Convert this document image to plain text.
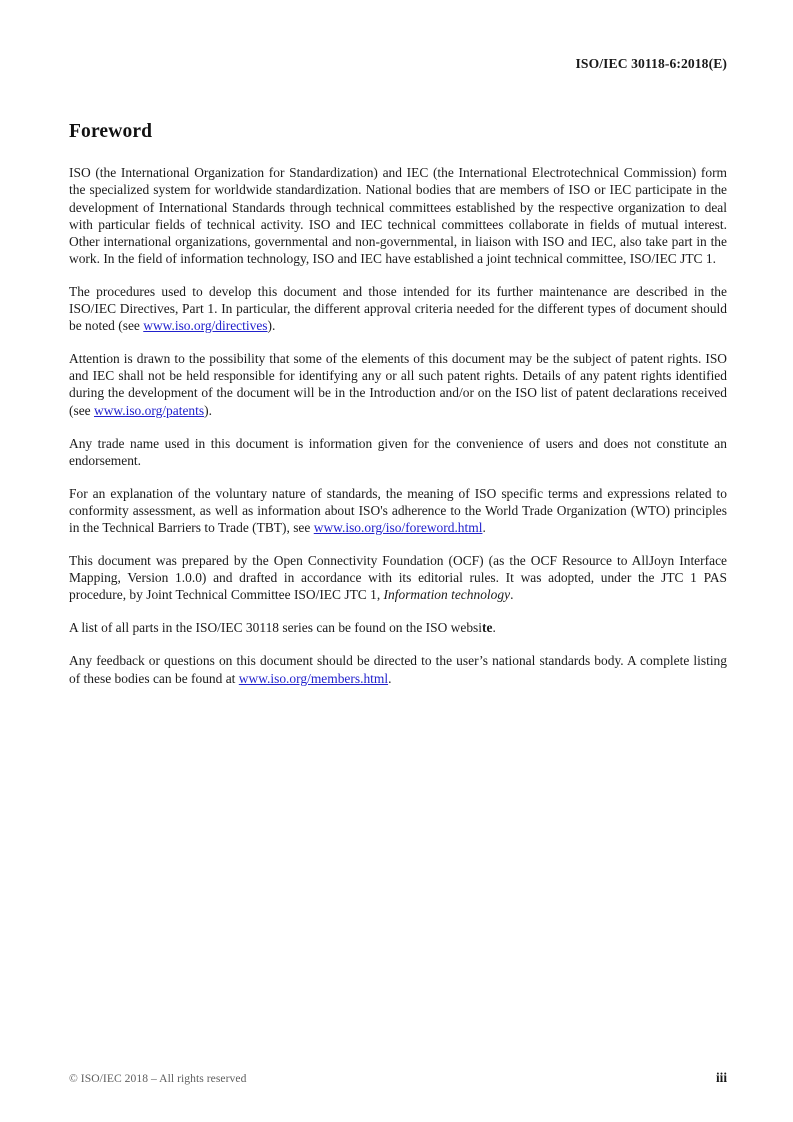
ISO/IEC 30118-6:2018(E)
Foreword

ISO (the International Organization for Standardization) and IEC (the International Electrotechnical Commission) form the specialized system for worldwide standardization. National bodies that are members of ISO or IEC participate in the development of International Standards through technical committees established by the respective organization to deal with particular fields of technical activity. ISO and IEC technical committees collaborate in fields of mutual interest. Other international organizations, governmental and non-governmental, in liaison with ISO and IEC, also take part in the work. In the field of information technology, ISO and IEC have established a joint technical committee, ISO/IEC JTC 1.

The procedures used to develop this document and those intended for its further maintenance are described in the ISO/IEC Directives, Part 1. In particular, the different approval criteria needed for the different types of document should be noted (see www.iso.org/directives).

Attention is drawn to the possibility that some of the elements of this document may be the subject of patent rights. ISO and IEC shall not be held responsible for identifying any or all such patent rights. Details of any patent rights identified during the development of the document will be in the Introduction and/or on the ISO list of patent declarations received (see www.iso.org/patents).

Any trade name used in this document is information given for the convenience of users and does not constitute an endorsement.

For an explanation of the voluntary nature of standards, the meaning of ISO specific terms and expressions related to conformity assessment, as well as information about ISO's adherence to the World Trade Organization (WTO) principles in the Technical Barriers to Trade (TBT), see www.iso.org/iso/foreword.html.

This document was prepared by the Open Connectivity Foundation (OCF) (as the OCF Resource to AllJoyn Interface Mapping, Version 1.0.0) and drafted in accordance with its editorial rules. It was adopted, under the JTC 1 PAS procedure, by Joint Technical Committee ISO/IEC JTC 1, Information technology.

A list of all parts in the ISO/IEC 30118 series can be found on the ISO website.

Any feedback or questions on this document should be directed to the user’s national standards body. A complete listing of these bodies can be found at www.iso.org/members.html.

© ISO/IEC 2018 – All rights reserved	iii
